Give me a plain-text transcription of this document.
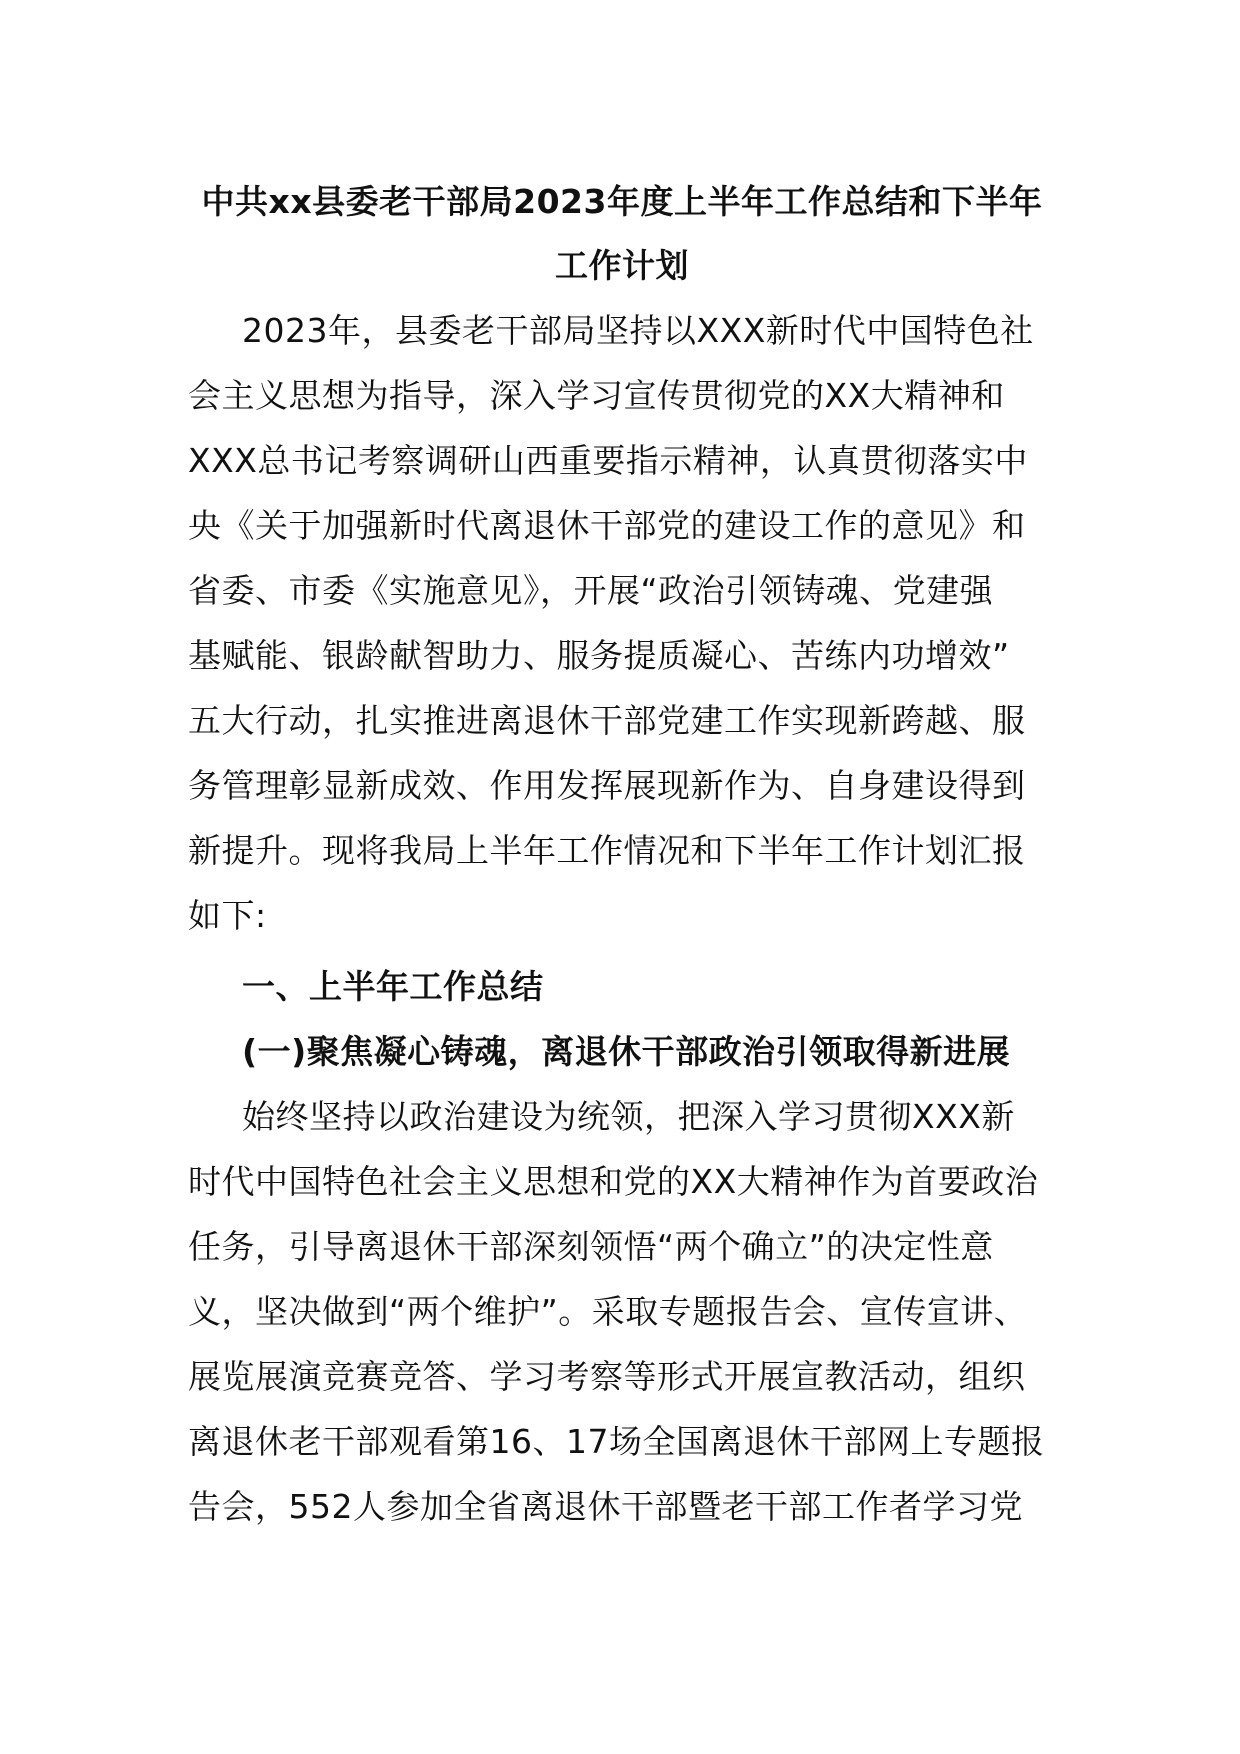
中共xx县委老干部局2023年度上半年工作总结和下半年
工作计划
2023年，县委老干部局坚持以XXX新时代中国特色社
会主义思想为指导，深入学习宣传贯彻党的XX大精神和
XXX总书记考察调研山西重要指示精神，认真贯彻落实中
央《关于加强新时代离退休干部党的建设工作的意见》和
省委、市委《实施意见》，开展“政治引领铸魂、党建强
基赋能、银龄献智助力、服务提质凝心、苦练内功增效”
五大行动，扎实推进离退休干部党建工作实现新跨越、服
务管理彰显新成效、作用发挥展现新作为、自身建设得到
新提升。现将我局上半年工作情况和下半年工作计划汇报
如下:
一、上半年工作总结
(一)聚焦凝心铸魂，离退休干部政治引领取得新进展
始终坚持以政治建设为统领，把深入学习贯彻XXX新
时代中国特色社会主义思想和党的XX大精神作为首要政治
任务，引导离退休干部深刻领悟“两个确立”的决定性意
义，坚决做到“两个维护”。采取专题报告会、宣传宣讲、
展览展演竞赛竞答、学习考察等形式开展宣教活动，组织
离退休老干部观看第16、17场全国离退休干部网上专题报
告会，552人参加全省离退休干部暨老干部工作者学习党
